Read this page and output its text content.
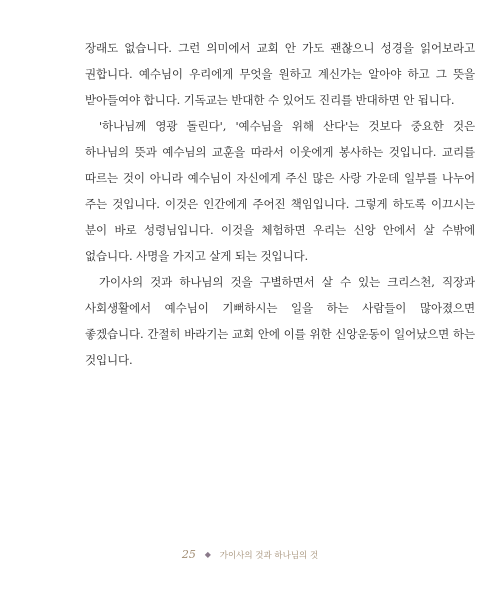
장래도 없습니다. 그런 의미에서 교회 안 가도 괜찮으니 성경을 읽어보라고 권합니다. 예수님이 우리에게 무엇을 원하고 계신가는 알아야 하고 그 뜻을 받아들여야 합니다. 기독교는 반대한 수 있어도 진리를 반대하면 안 됩니다.

'하나님께 영광 돌린다', '예수님을 위해 산다'는 것보다 중요한 것은 하나님의 뜻과 예수님의 교훈을 따라서 이웃에게 봉사하는 것입니다. 교리를 따르는 것이 아니라 예수님이 자신에게 주신 많은 사랑 가운데 일부를 나누어 주는 것입니다. 이것은 인간에게 주어진 책임입니다. 그렇게 하도록 이끄시는 분이 바로 성령님입니다. 이것을 체험하면 우리는 신앙 안에서 살 수밖에 없습니다. 사명을 가지고 살게 되는 것입니다.

가이사의 것과 하나님의 것을 구별하면서 살 수 있는 크리스천, 직장과 사회생활에서 예수님이 기뻐하시는 일을 하는 사람들이 많아졌으면 좋겠습니다. 간절히 바라기는 교회 안에 이를 위한 신앙운동이 일어났으면 하는 것입니다.

25 ◆ 가이사의 것과 하나님의 것
